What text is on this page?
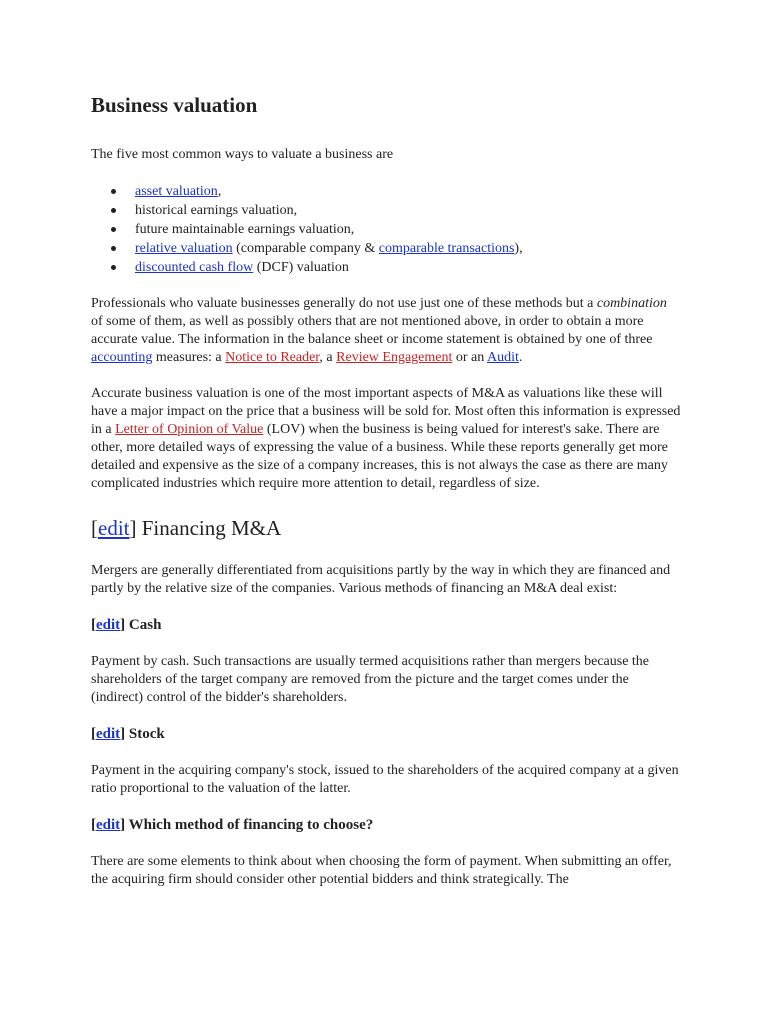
Business valuation

The five most common ways to valuate a business are

asset valuation,
historical earnings valuation,
future maintainable earnings valuation,
relative valuation (comparable company & comparable transactions),
discounted cash flow (DCF) valuation

Professionals who valuate businesses generally do not use just one of these methods but a combination of some of them, as well as possibly others that are not mentioned above, in order to obtain a more accurate value. The information in the balance sheet or income statement is obtained by one of three accounting measures: a Notice to Reader, a Review Engagement or an Audit.

Accurate business valuation is one of the most important aspects of M&A as valuations like these will have a major impact on the price that a business will be sold for. Most often this information is expressed in a Letter of Opinion of Value (LOV) when the business is being valued for interest's sake. There are other, more detailed ways of expressing the value of a business. While these reports generally get more detailed and expensive as the size of a company increases, this is not always the case as there are many complicated industries which require more attention to detail, regardless of size.

[edit] Financing M&A

Mergers are generally differentiated from acquisitions partly by the way in which they are financed and partly by the relative size of the companies. Various methods of financing an M&A deal exist:

[edit] Cash

Payment by cash. Such transactions are usually termed acquisitions rather than mergers because the shareholders of the target company are removed from the picture and the target comes under the (indirect) control of the bidder's shareholders.

[edit] Stock

Payment in the acquiring company's stock, issued to the shareholders of the acquired company at a given ratio proportional to the valuation of the latter.

[edit] Which method of financing to choose?

There are some elements to think about when choosing the form of payment. When submitting an offer, the acquiring firm should consider other potential bidders and think strategically. The
